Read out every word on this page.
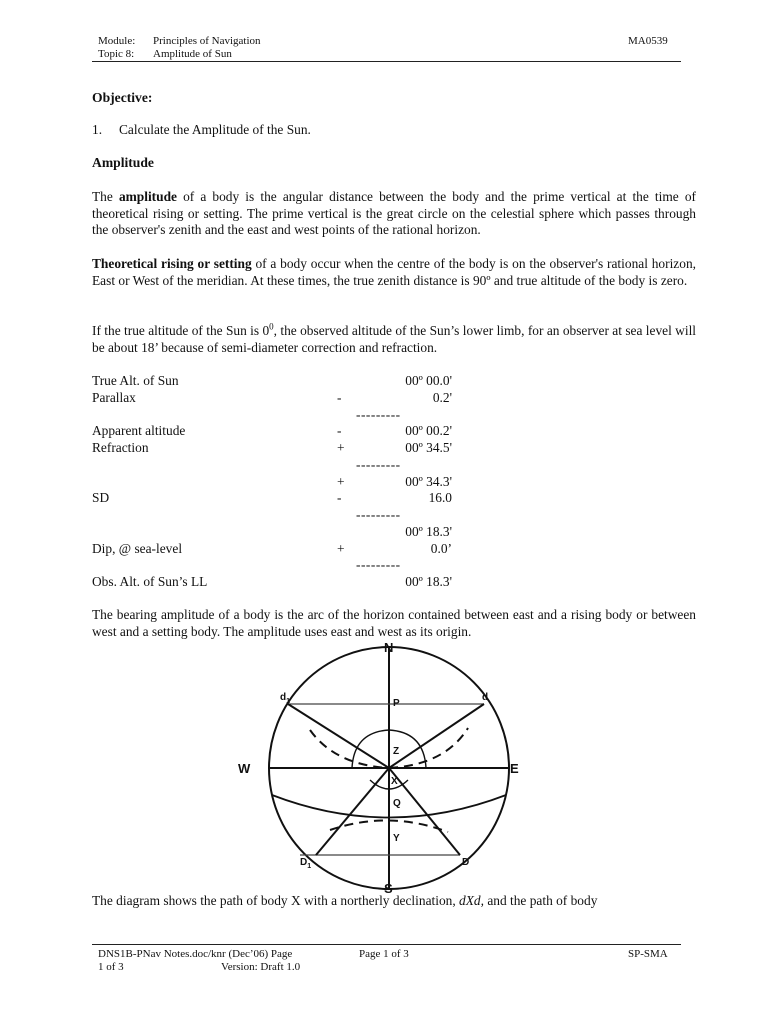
Module: Principles of Navigation	MA0539
Topic 8: Amplitude of Sun
Objective:
1.	Calculate the Amplitude of the Sun.
Amplitude
The amplitude of a body is the angular distance between the body and the prime vertical at the time of theoretical rising or setting. The prime vertical is the great circle on the celestial sphere which passes through the observer's zenith and the east and west points of the rational horizon.
Theoretical rising or setting of a body occur when the centre of the body is on the observer's rational horizon, East or West of the meridian. At these times, the true zenith distance is 90º and true altitude of the body is zero.
If the true altitude of the Sun is $0^0$, the observed altitude of the Sun’s lower limb, for an observer at sea level will be about 18’ because of semi-diameter correction and refraction.
True Alt. of Sun	00º 00.0'
Parallax	-	0.2'
---------
Apparent altitude	-	00º 00.2'
Refraction	+	00º 34.5'
---------
+	00º 34.3'
SD	-	16.0
---------
00º 18.3'
Dip, @ sea-level	+	0.0’
---------
Obs. Alt. of Sun’s LL	00º 18.3'
The bearing amplitude of a body is the arc of the horizon contained between east and a rising body or between west and a setting body. The amplitude uses east and west as its origin.
N
S
W	E
P
Z
X
Q
Y
$d_1$	d
$D_1$	D
The diagram shows the path of body X with a northerly declination, dXd, and the path of body
DNS1B-PNav Notes.doc/knr (Dec’06) Page
1 of 3
Page 1 of 3
Version: Draft 1.0
SP-SMA
